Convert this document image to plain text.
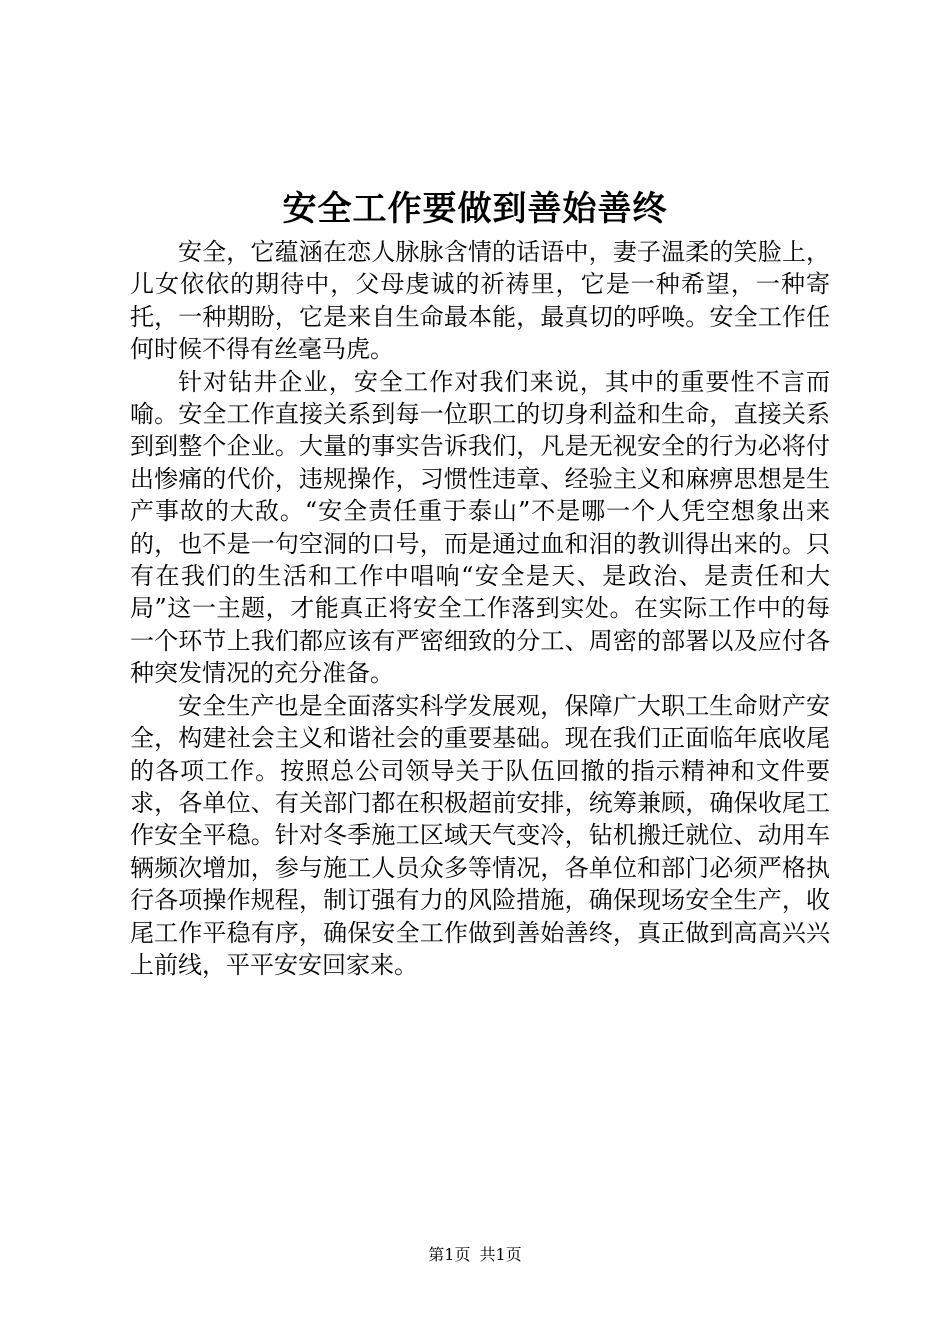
安全工作要做到善始善终

安全，它蕴涵在恋人脉脉含情的话语中，妻子温柔的笑脸上，儿女依依的期待中，父母虔诚的祈祷里，它是一种希望，一种寄托，一种期盼，它是来自生命最本能，最真切的呼唤。安全工作任何时候不得有丝毫马虎。

针对钻井企业，安全工作对我们来说，其中的重要性不言而喻。安全工作直接关系到每一位职工的切身利益和生命，直接关系到到整个企业。大量的事实告诉我们，凡是无视安全的行为必将付出惨痛的代价，违规操作，习惯性违章、经验主义和麻痹思想是生产事故的大敌。“安全责任重于泰山”不是哪一个人凭空想象出来的，也不是一句空洞的口号，而是通过血和泪的教训得出来的。只有在我们的生活和工作中唱响“安全是天、是政治、是责任和大局”这一主题，才能真正将安全工作落到实处。在实际工作中的每一个环节上我们都应该有严密细致的分工、周密的部署以及应付各种突发情况的充分准备。

安全生产也是全面落实科学发展观，保障广大职工生命财产安全，构建社会主义和谐社会的重要基础。现在我们正面临年底收尾的各项工作。按照总公司领导关于队伍回撤的指示精神和文件要求，各单位、有关部门都在积极超前安排，统筹兼顾，确保收尾工作安全平稳。针对冬季施工区域天气变冷，钻机搬迁就位、动用车辆频次增加，参与施工人员众多等情况，各单位和部门必须严格执行各项操作规程，制订强有力的风险措施，确保现场安全生产，收尾工作平稳有序，确保安全工作做到善始善终，真正做到高高兴兴上前线，平平安安回家来。

第1页 共1页
